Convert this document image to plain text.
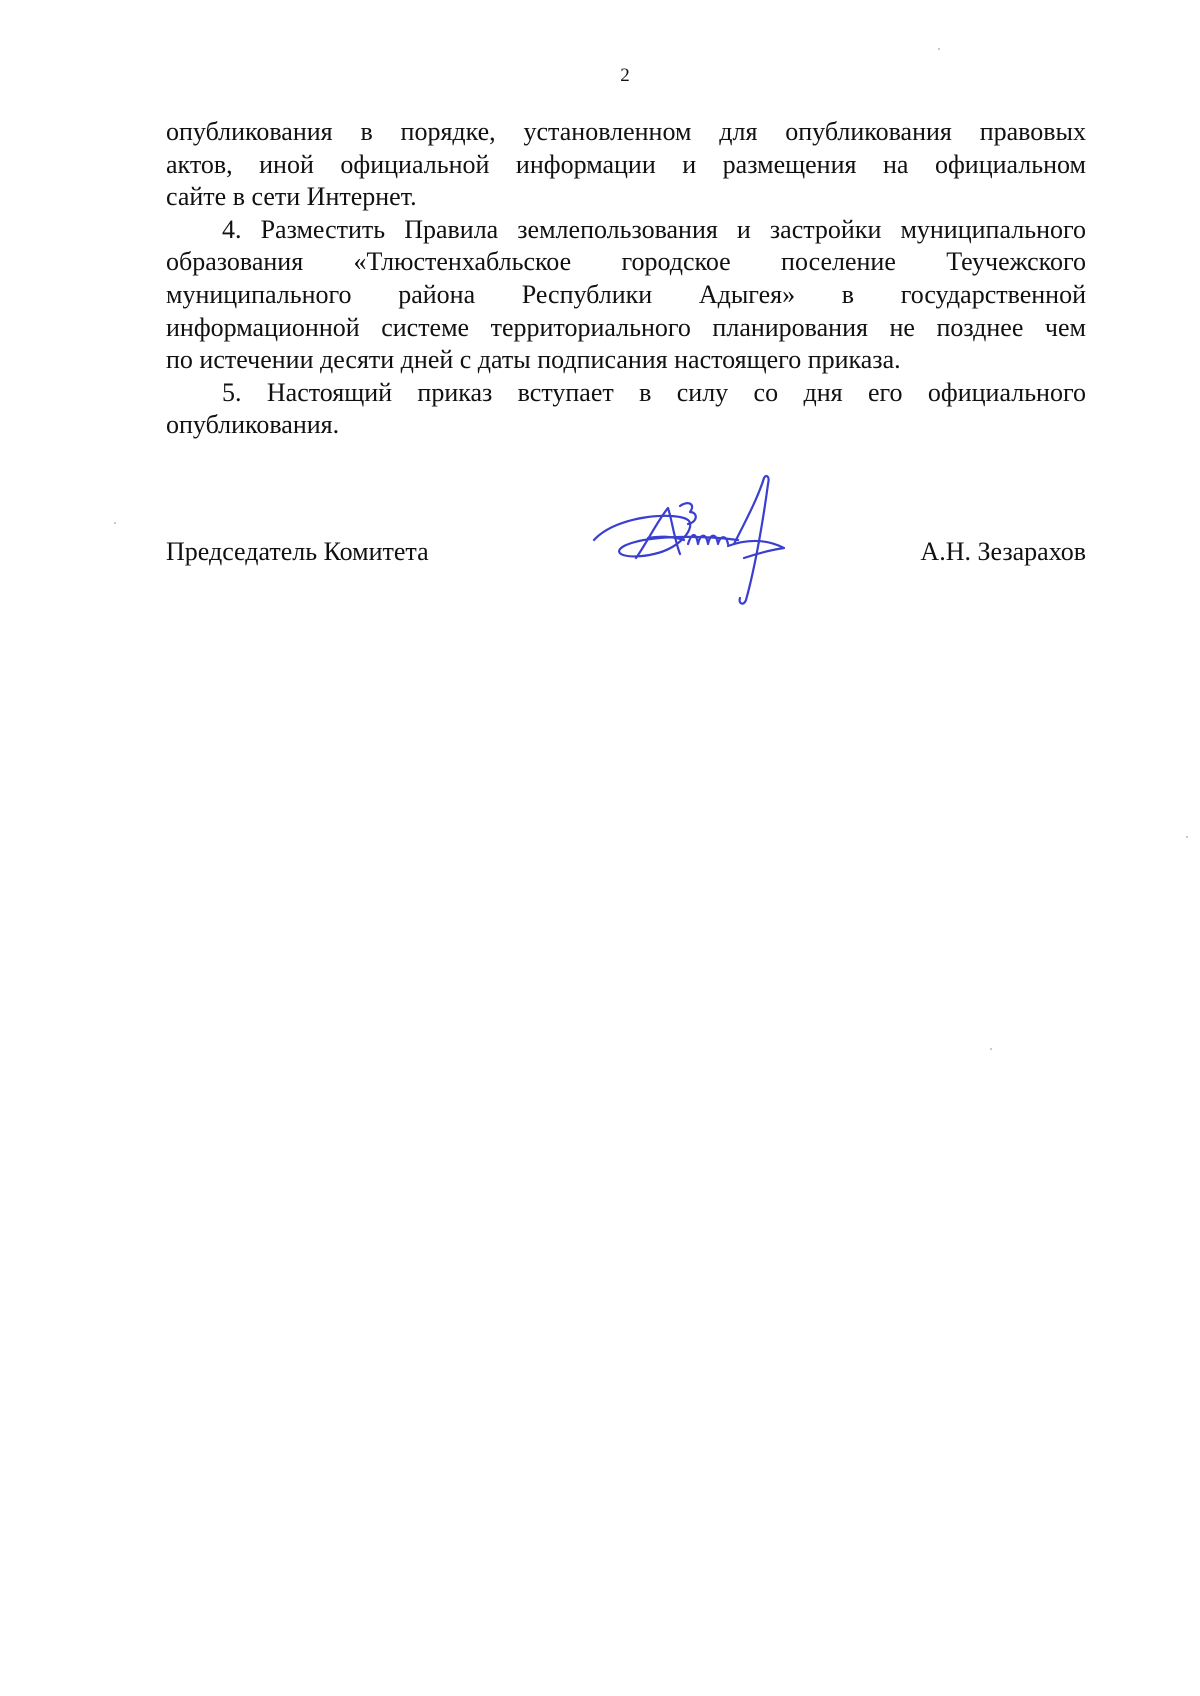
2

опубликования в порядке, установленном для опубликования правовых
актов, иной официальной информации и размещения на официальном
сайте в сети Интернет.

4. Разместить Правила землепользования и застройки муниципального
образования «Тлюстенхабльское городское поселение Теучежского
муниципального района Республики Адыгея» в государственной
информационной системе территориального планирования не позднее чем
по истечении десяти дней с даты подписания настоящего приказа.

5. Настоящий приказ вступает в силу со дня его официального
опубликования.

Председатель Комитета	А.Н. Зезарахов
